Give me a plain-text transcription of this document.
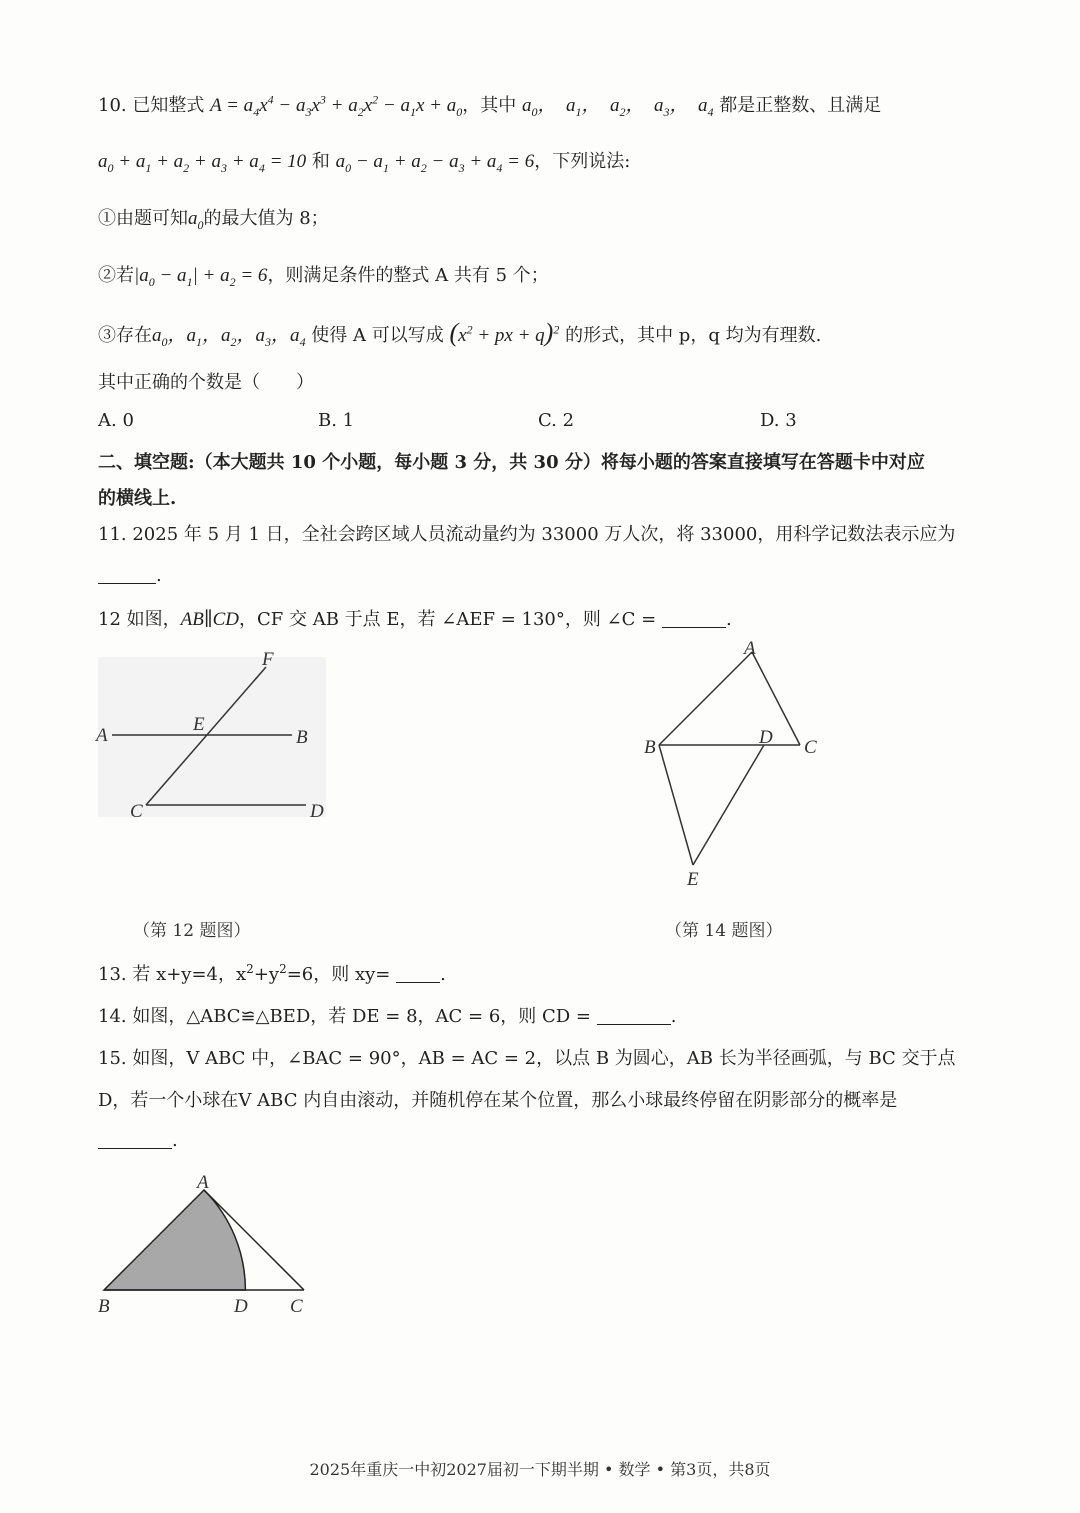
10. 已知整式 $A = a_4x^4 - a_3x^3 + a_2x^2 - a_1x + a_0$，其中 $a_0$，  $a_1$，  $a_2$，  $a_3$，  $a_4$ 都是正整数、且满足
$a_0 + a_1 + a_2 + a_3 + a_4 = 10$ 和 $a_0 - a_1 + a_2 - a_3 + a_4 = 6$，下列说法:
①由题可知$a_0$的最大值为 8；
②若$|a_0 - a_1| + a_2 = 6$，则满足条件的整式 A 共有 5 个；
③存在$a_0$，$a_1$，$a_2$，$a_3$，$a_4$ 使得 A 可以写成 ($x^2$ + px + q)$^2$ 的形式，其中 p，q 均为有理数.
其中正确的个数是（　　）
A. 0	B. 1	C. 2	D. 3
二、填空题:（本大题共 10 个小题，每小题 3 分，共 30 分）将每小题的答案直接填写在答题卡中对应
的横线上.
11. 2025 年 5 月 1 日，全社会跨区域人员流动量约为 33000 万人次，将 33000，用科学记数法表示应为
.
12 如图，AB∥CD，CF 交 AB 于点 E，若 ∠AEF = 130°，则 ∠C =	.
F
A
E
B
C	D
（第 12 题图）
A
B	D C
E
（第 14 题图）
13. 若 x+y=4，$x^2+y^2=6$，则 xy=	.
14. 如图，△ABC≌△BED，若 DE = 8，AC = 6，则 CD =	.
15. 如图，V ABC 中，∠BAC = 90°，AB = AC = 2，以点 B 为圆心，AB 长为半径画弧，与 BC 交于点
D，若一个小球在V ABC 内自由滚动，并随机停在某个位置，那么小球最终停留在阴影部分的概率是
.
A
B	D C
2025年重庆一中初2027届初一下期半期 • 数学 • 第3页，共8页
